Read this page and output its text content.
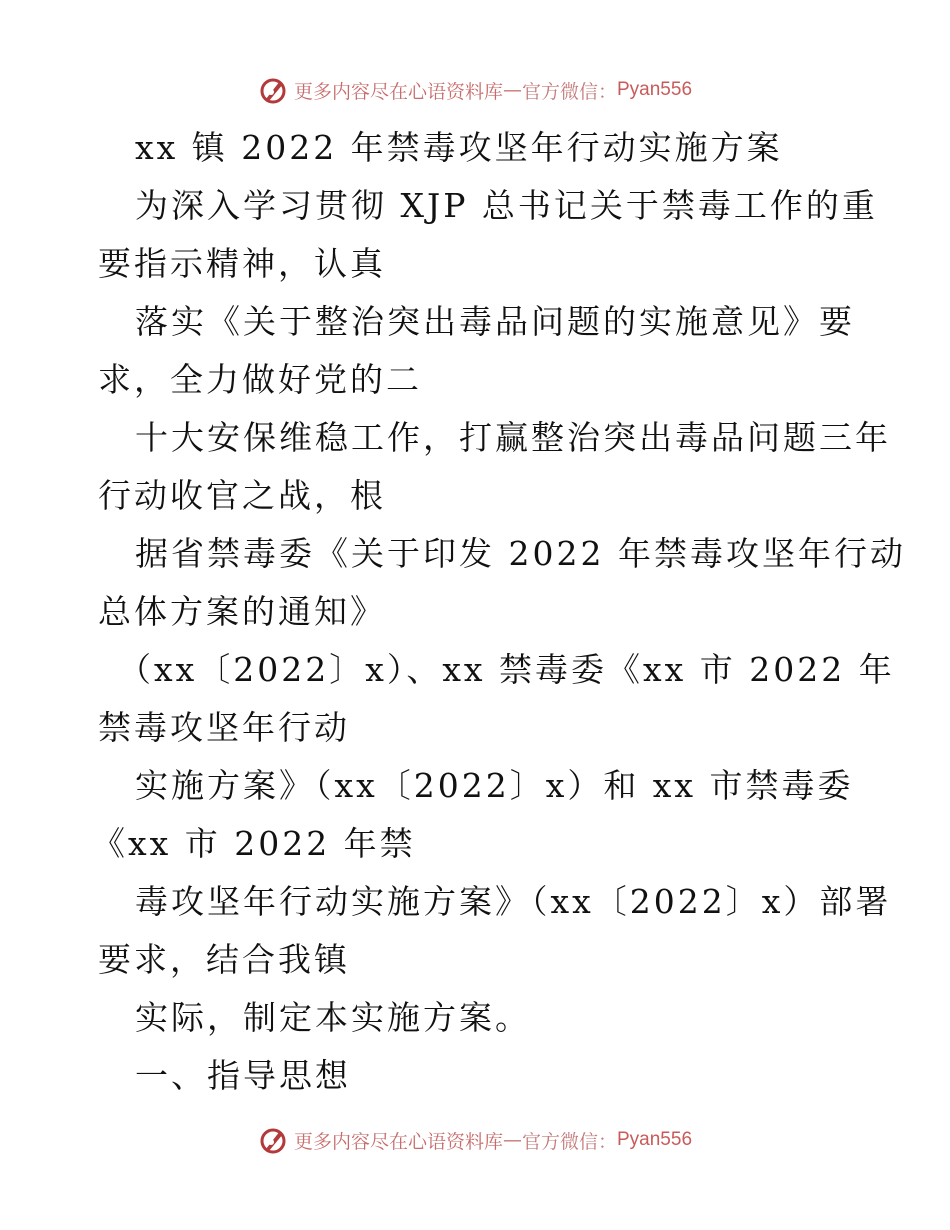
更多内容尽在心语资料库 — 官方微信： Pyan556
xx 镇 2022 年禁毒攻坚年行动实施方案
为深入学习贯彻 XJP 总书记关于禁毒工作的重
要指示精神，认真
落实《关于整治突出毒品问题的实施意见》要
求，全力做好党的二
十大安保维稳工作，打赢整治突出毒品问题三年
行动收官之战，根
据省禁毒委《关于印发 2022 年禁毒攻坚年行动
总体方案的通知》
（xx〔2022〕x）、xx 禁毒委《xx 市 2022 年
禁毒攻坚年行动
实施方案》（xx〔2022〕x）和 xx 市禁毒委
《xx 市 2022 年禁
毒攻坚年行动实施方案》（xx〔2022〕x）部署
要求，结合我镇
实际，制定本实施方案。
一、指导思想
更多内容尽在心语资料库 — 官方微信： Pyan556
